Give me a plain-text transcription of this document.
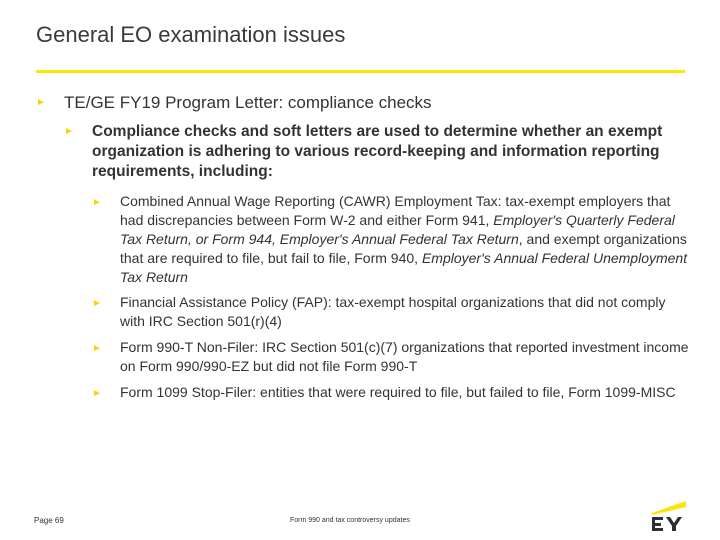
General EO examination issues
► TE/GE FY19 Program Letter: compliance checks
► Compliance checks and soft letters are used to determine whether an exempt organization is adhering to various record-keeping and information reporting requirements, including:
► Combined Annual Wage Reporting (CAWR) Employment Tax: tax-exempt employers that had discrepancies between Form W-2 and either Form 941, Employer's Quarterly Federal Tax Return, or Form 944, Employer's Annual Federal Tax Return, and exempt organizations that are required to file, but fail to file, Form 940, Employer's Annual Federal Unemployment Tax Return
► Financial Assistance Policy (FAP): tax-exempt hospital organizations that did not comply with IRC Section 501(r)(4)
► Form 990-T Non-Filer: IRC Section 501(c)(7) organizations that reported investment income on Form 990/990-EZ but did not file Form 990-T
► Form 1099 Stop-Filer: entities that were required to file, but failed to file, Form 1099-MISC
Page 69	Form 990 and tax controversy updates
